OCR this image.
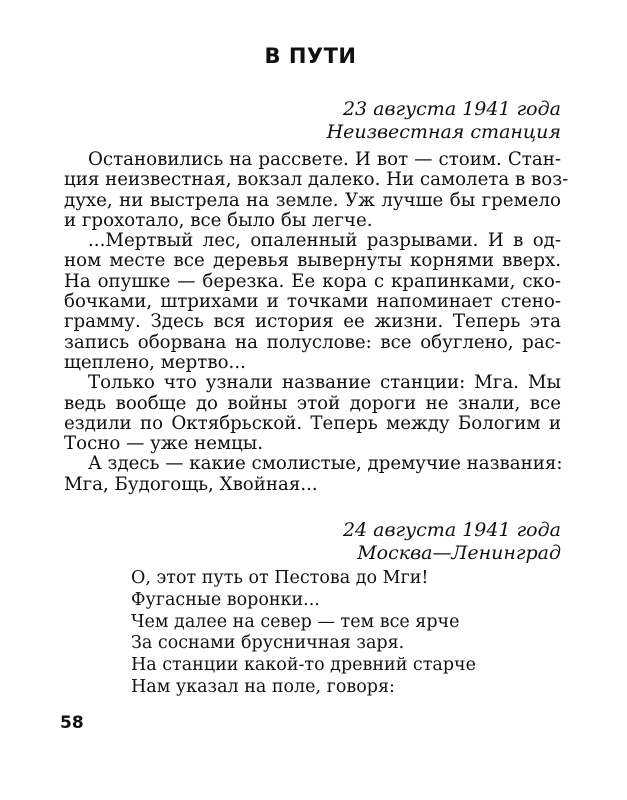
В ПУТИ
23 августа 1941 года
Неизвестная станция
Остановились на рассвете. И вот — стоим. Стан-
ция неизвестная, вокзал далеко. Ни самолета в воз-
духе, ни выстрела на земле. Уж лучше бы гремело
и грохотало, все было бы легче.
...Мертвый лес, опаленный разрывами. И в од-
ном месте все деревья вывернуты корнями вверх.
На опушке — березка. Ее кора с крапинками, ско-
бочками, штрихами и точками напоминает стено-
грамму. Здесь вся история ее жизни. Теперь эта
запись оборвана на полуслове: все обуглено, рас-
щеплено, мертво...
Только что узнали название станции: Мга. Мы
ведь вообще до войны этой дороги не знали, все
ездили по Октябрьской. Теперь между Бологим и
Тосно — уже немцы.
А здесь — какие смолистые, дремучие названия:
Мга, Будогощь, Хвойная...
24 августа 1941 года
Москва—Ленинград
О, этот путь от Пестова до Мги!
Фугасные воронки...
Чем далее на север — тем все ярче
За соснами брусничная заря.
На станции какой-то древний старче
Нам указал на поле, говоря:
58
